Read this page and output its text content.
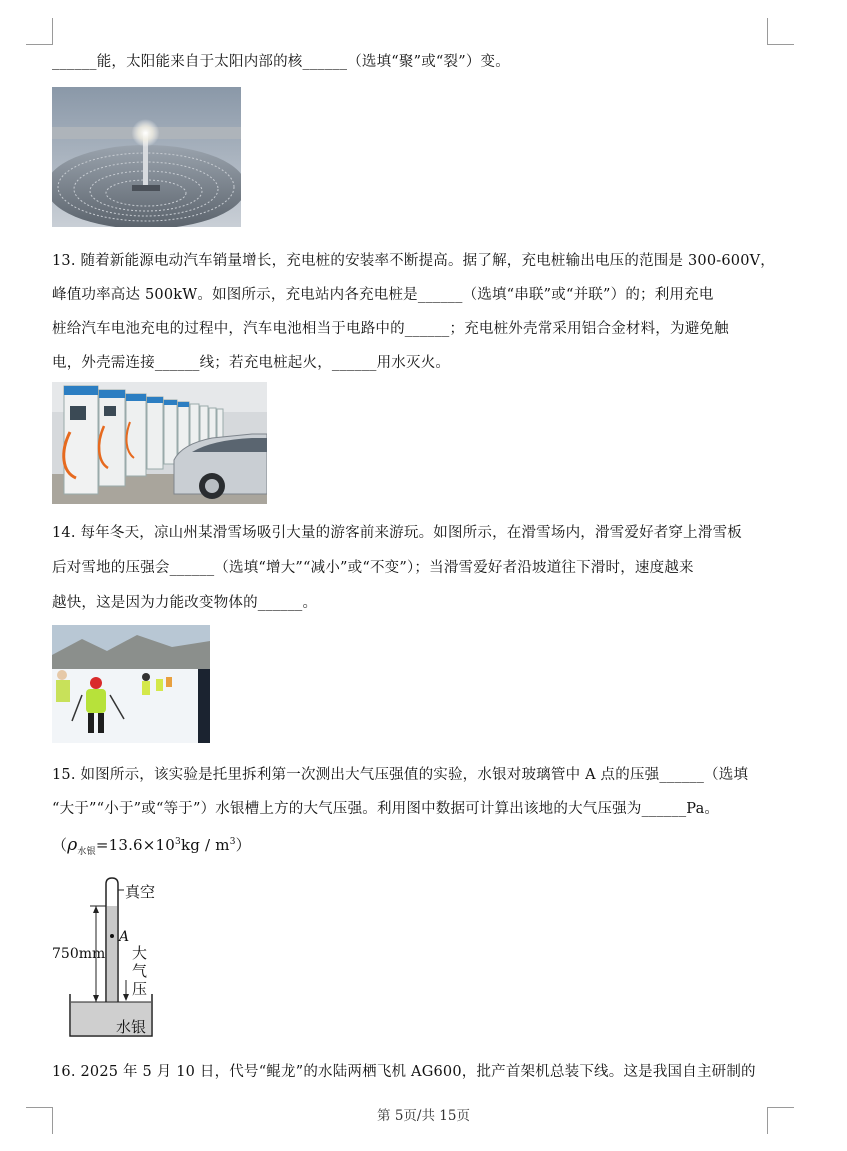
______能，太阳能来自于太阳内部的核______（选填“聚”或“裂”）变。
13. 随着新能源电动汽车销量增长，充电桩的安装率不断提高。据了解，充电桩输出电压的范围是 300-600V，
峰值功率高达 500kW。如图所示，充电站内各充电桩是______（选填“串联”或“并联”）的；利用充电
桩给汽车电池充电的过程中，汽车电池相当于电路中的______；充电桩外壳常采用铝合金材料，为避免触
电，外壳需连接______线；若充电桩起火，______用水灭火。
14. 每年冬天，凉山州某滑雪场吸引大量的游客前来游玩。如图所示，在滑雪场内，滑雪爱好者穿上滑雪板
后对雪地的压强会______（选填“增大”“减小”或“不变”）；当滑雪爱好者沿坡道往下滑时，速度越来
越快，这是因为力能改变物体的______。
15. 如图所示，该实验是托里拆利第一次测出大气压强值的实验，水银对玻璃管中 A 点的压强______（选填
“大于”“小于”或“等于”）水银槽上方的大气压强。利用图中数据可计算出该地的大气压强为______Pa。
$(\rho_{水银}=13.6\times 10^3kg / m^3)$
真空
A
750mm 大
气
压
水银
16. 2025 年 5 月 10 日，代号“鲲龙”的水陆两栖飞机 AG600，批产首架机总装下线。这是我国自主研制的
第 5页/共 15页
